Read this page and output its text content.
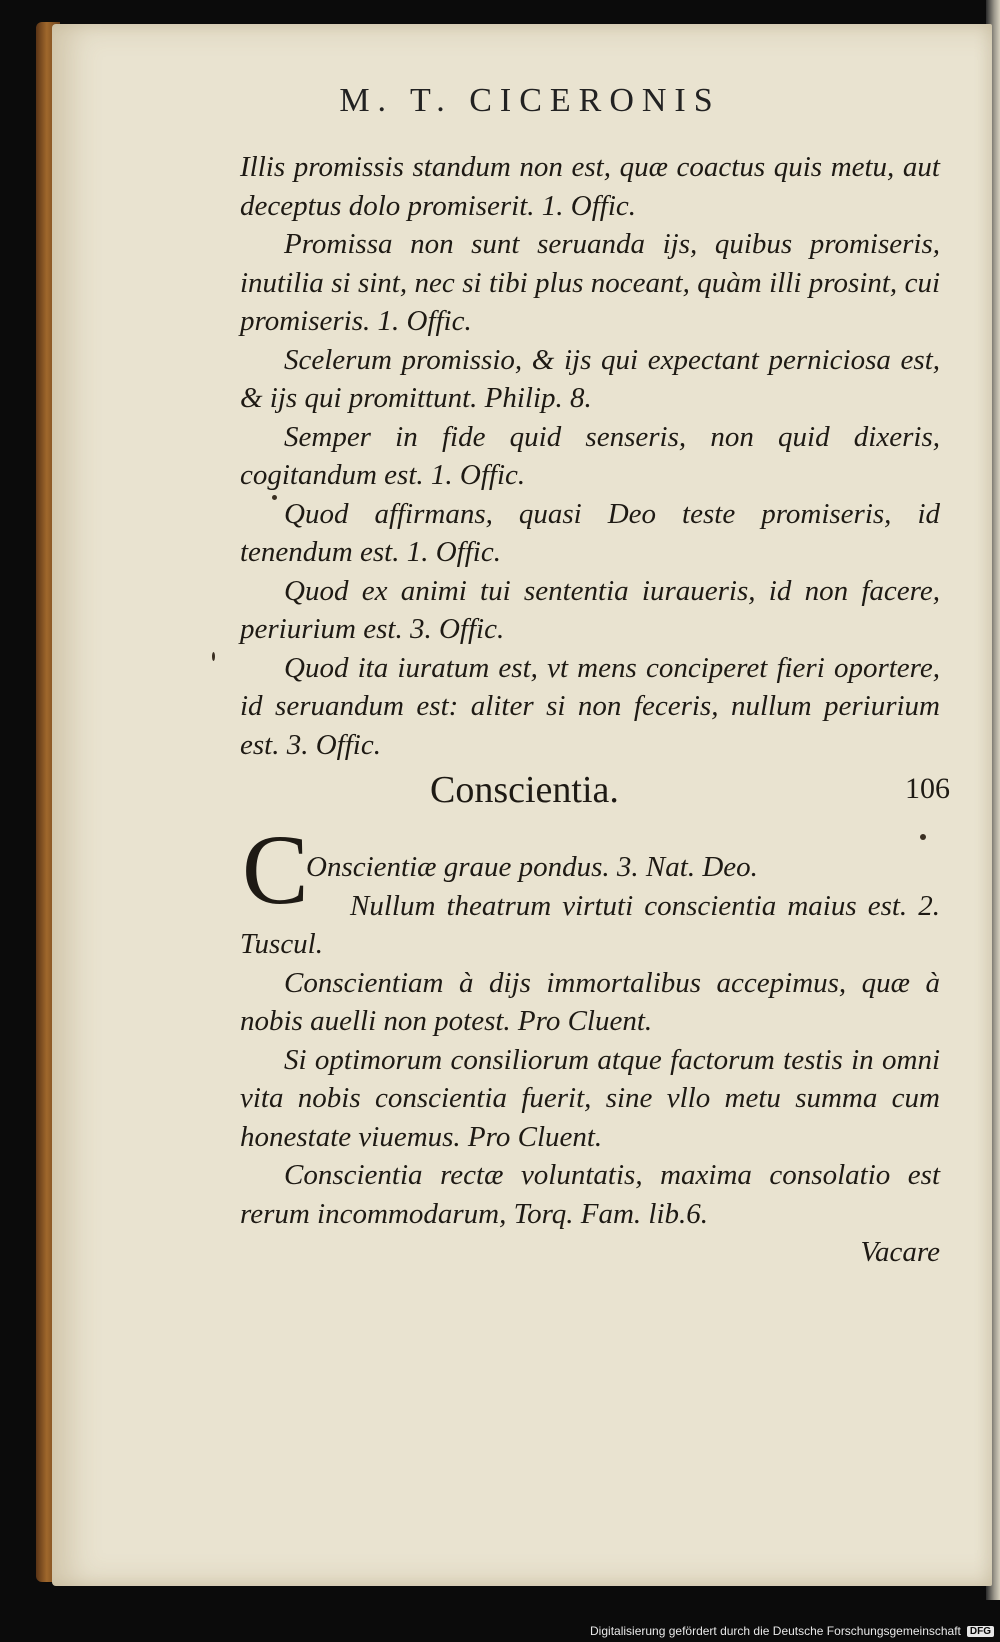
M. T. CICERONIS

Illis promissis standum non est, quæ coactus quis metu, aut deceptus dolo promiserit. 1. Offic.

Promissa non sunt seruanda ijs, quibus promiseris, inutilia si sint, nec si tibi plus noceant, quàm illi prosint, cui promiseris. 1. Offic.

Scelerum promissio, & ijs qui expectant perniciosa est, & ijs qui promittunt. Philip. 8.

Semper in fide quid senseris, non quid dixeris, cogitandum est. 1. Offic.

Quod affirmans, quasi Deo teste promiseris, id tenendum est. 1. Offic.

Quod ex animi tui sententia iuraueris, id non facere, periurium est. 3. Offic.

Quod ita iuratum est, vt mens conciperet fieri oportere, id seruandum est: aliter si non feceris, nullum periurium est. 3. Offic.

Conscientia.	106
C

Onscientiæ graue pondus. 3. Nat. Deo.

Nullum theatrum virtuti conscientia maius est. 2. Tuscul.

Conscientiam à dijs immortalibus accepimus, quæ à nobis auelli non potest. Pro Cluent.

Si optimorum consiliorum atque factorum testis in omni vita nobis conscientia fuerit, sine vllo metu summa cum honestate viuemus. Pro Cluent.

Conscientia rectæ voluntatis, maxima consolatio est rerum incommodarum, Torq. Fam. lib.6.

Vacare

Digitalisierung gefördert durch die Deutsche Forschungsgemeinschaft DFG
